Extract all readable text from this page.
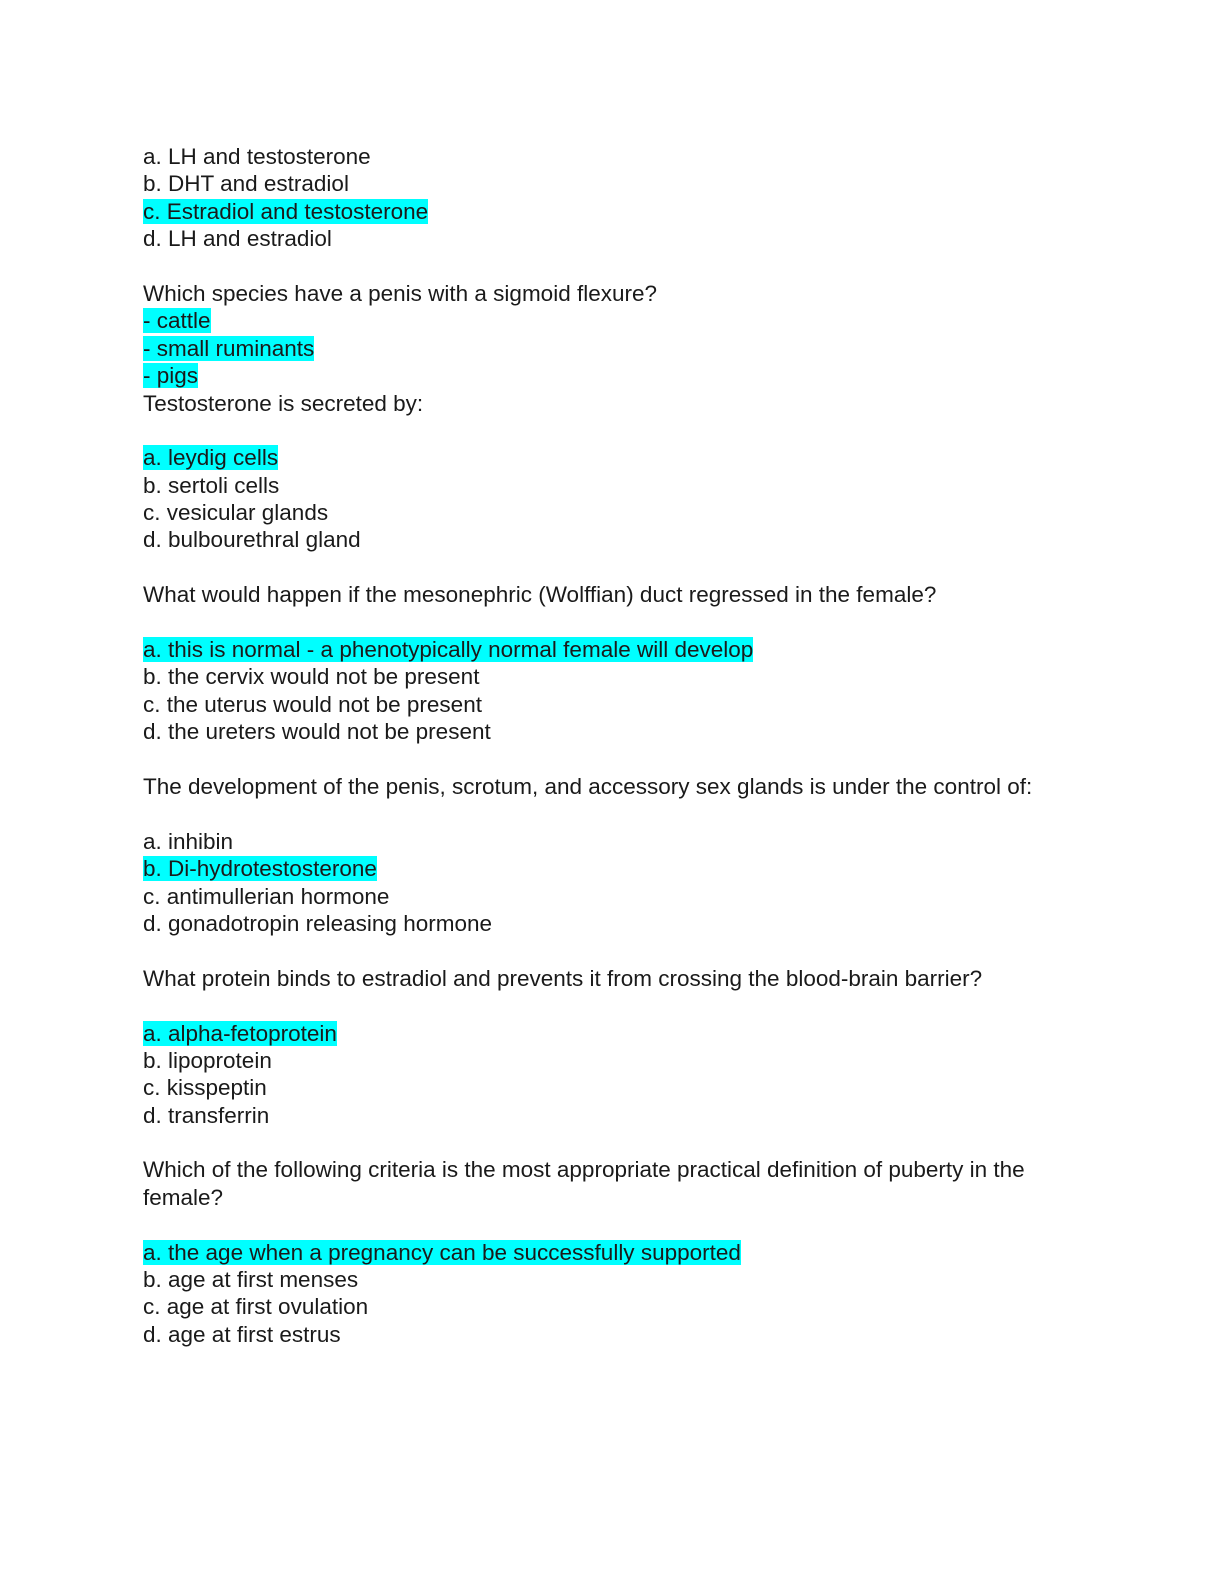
a. LH and testosterone
b. DHT and estradiol
c. Estradiol and testosterone
d. LH and estradiol
Which species have a penis with a sigmoid flexure?
- cattle
- small ruminants
- pigs
Testosterone is secreted by:
a. leydig cells
b. sertoli cells
c. vesicular glands
d. bulbourethral gland
What would happen if the mesonephric (Wolffian) duct regressed in the female?
a. this is normal - a phenotypically normal female will develop
b. the cervix would not be present
c. the uterus would not be present
d. the ureters would not be present
The development of the penis, scrotum, and accessory sex glands is under the control of:
a. inhibin
b. Di-hydrotestosterone
c. antimullerian hormone
d. gonadotropin releasing hormone
What protein binds to estradiol and prevents it from crossing the blood-brain barrier?
a. alpha-fetoprotein
b. lipoprotein
c. kisspeptin
d. transferrin
Which of the following criteria is the most appropriate practical definition of puberty in the female?
a. the age when a pregnancy can be successfully supported
b. age at first menses
c. age at first ovulation
d. age at first estrus
